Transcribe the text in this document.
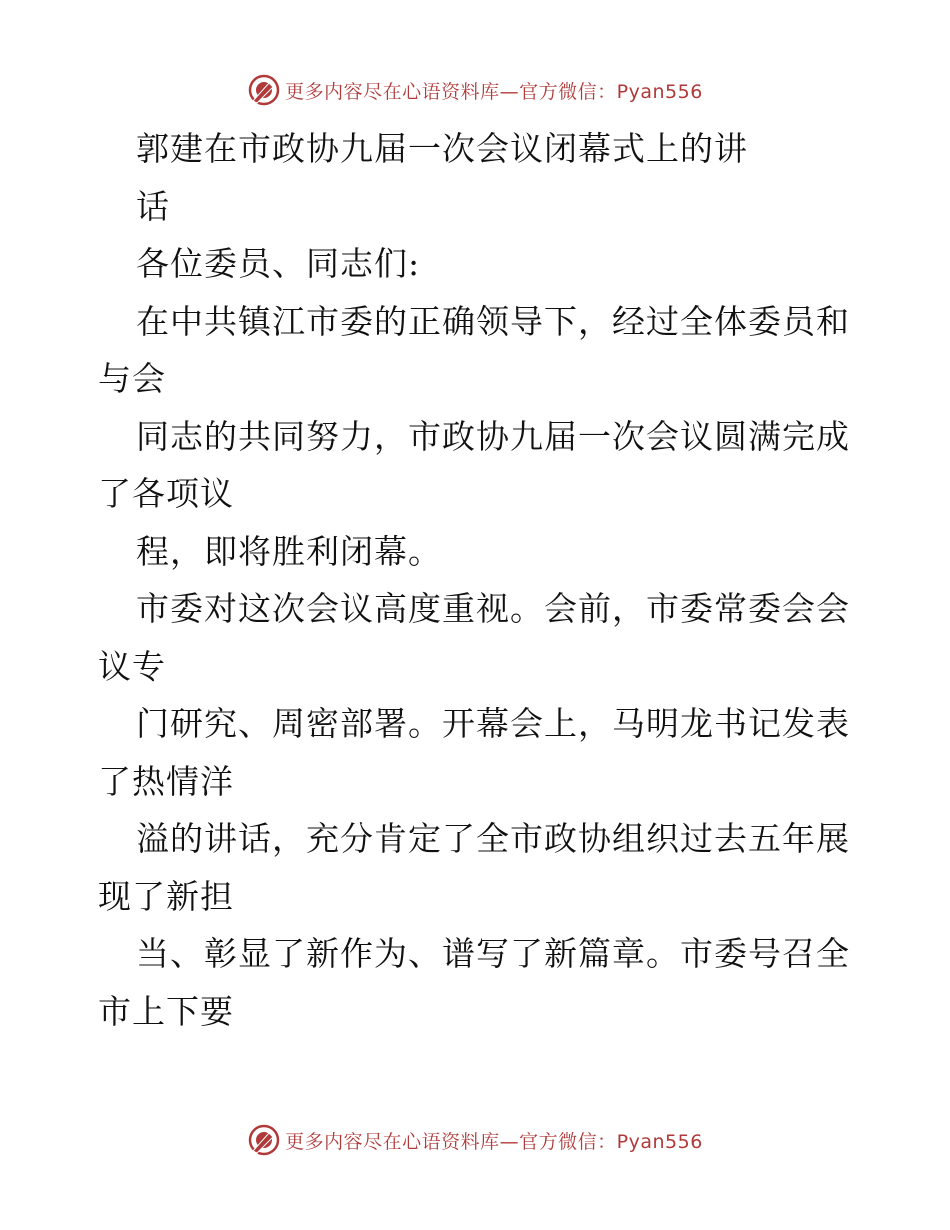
更多内容尽在心语资料库—官方微信：Pyan556
郭建在市政协九届一次会议闭幕式上的讲
话
各位委员、同志们:
在中共镇江市委的正确领导下，经过全体委员和
与会
同志的共同努力，市政协九届一次会议圆满完成
了各项议
程，即将胜利闭幕。
市委对这次会议高度重视。会前，市委常委会会
议专
门研究、周密部署。开幕会上，马明龙书记发表
了热情洋
溢的讲话，充分肯定了全市政协组织过去五年展
现了新担
当、彰显了新作为、谱写了新篇章。市委号召全
市上下要
更多内容尽在心语资料库—官方微信：Pyan556
